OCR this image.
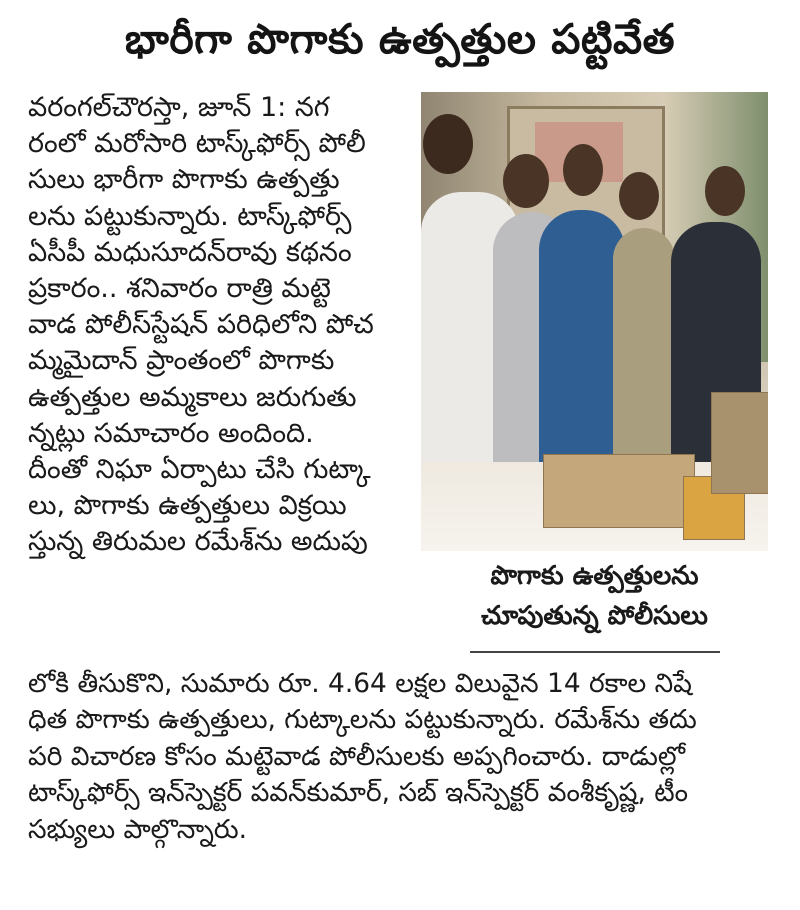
భారీగా పొగాకు ఉత్పత్తుల పట్టివేత
వరంగల్‌చౌరస్తా, జూన్‌ 1: నగ
రంలో మరోసారి టాస్క్‌ఫోర్స్‌ పోలీ
సులు భారీగా పొగాకు ఉత్పత్తు
లను పట్టుకున్నారు. టాస్క్‌ఫోర్స్‌
ఏసీపీ మధుసూదన్‌రావు కథనం
ప్రకారం.. శనివారం రాత్రి మట్టె
వాడ పోలీస్‌స్టేషన్‌ పరిధిలోని పోచ
మ్మమైదాన్‌ ప్రాంతంలో పొగాకు
ఉత్పత్తుల అమ్మకాలు జరుగుతు
న్నట్లు సమాచారం అందింది.
దీంతో నిఘా ఏర్పాటు చేసి గుట్కా
లు, పొగాకు ఉత్పత్తులు విక్రయి
స్తున్న తిరుమల రమేశ్‌ను అదుపు
పొగాకు ఉత్పత్తులను
చూపుతున్న పోలీసులు
లోకి తీసుకొని, సుమారు రూ. 4.64 లక్షల విలువైన 14 రకాల నిషే
ధిత పొగాకు ఉత్పత్తులు, గుట్కాలను పట్టుకున్నారు. రమేశ్‌ను తదు
పరి విచారణ కోసం మట్టెవాడ పోలీసులకు అప్పగించారు. దాడుల్లో
టాస్క్‌ఫోర్స్‌ ఇన్‌స్పెక్టర్‌ పవన్‌కుమార్‌, సబ్‌ ఇన్‌స్పెక్టర్‌ వంశీకృష్ణ, టీం
సభ్యులు పాల్గొన్నారు.
